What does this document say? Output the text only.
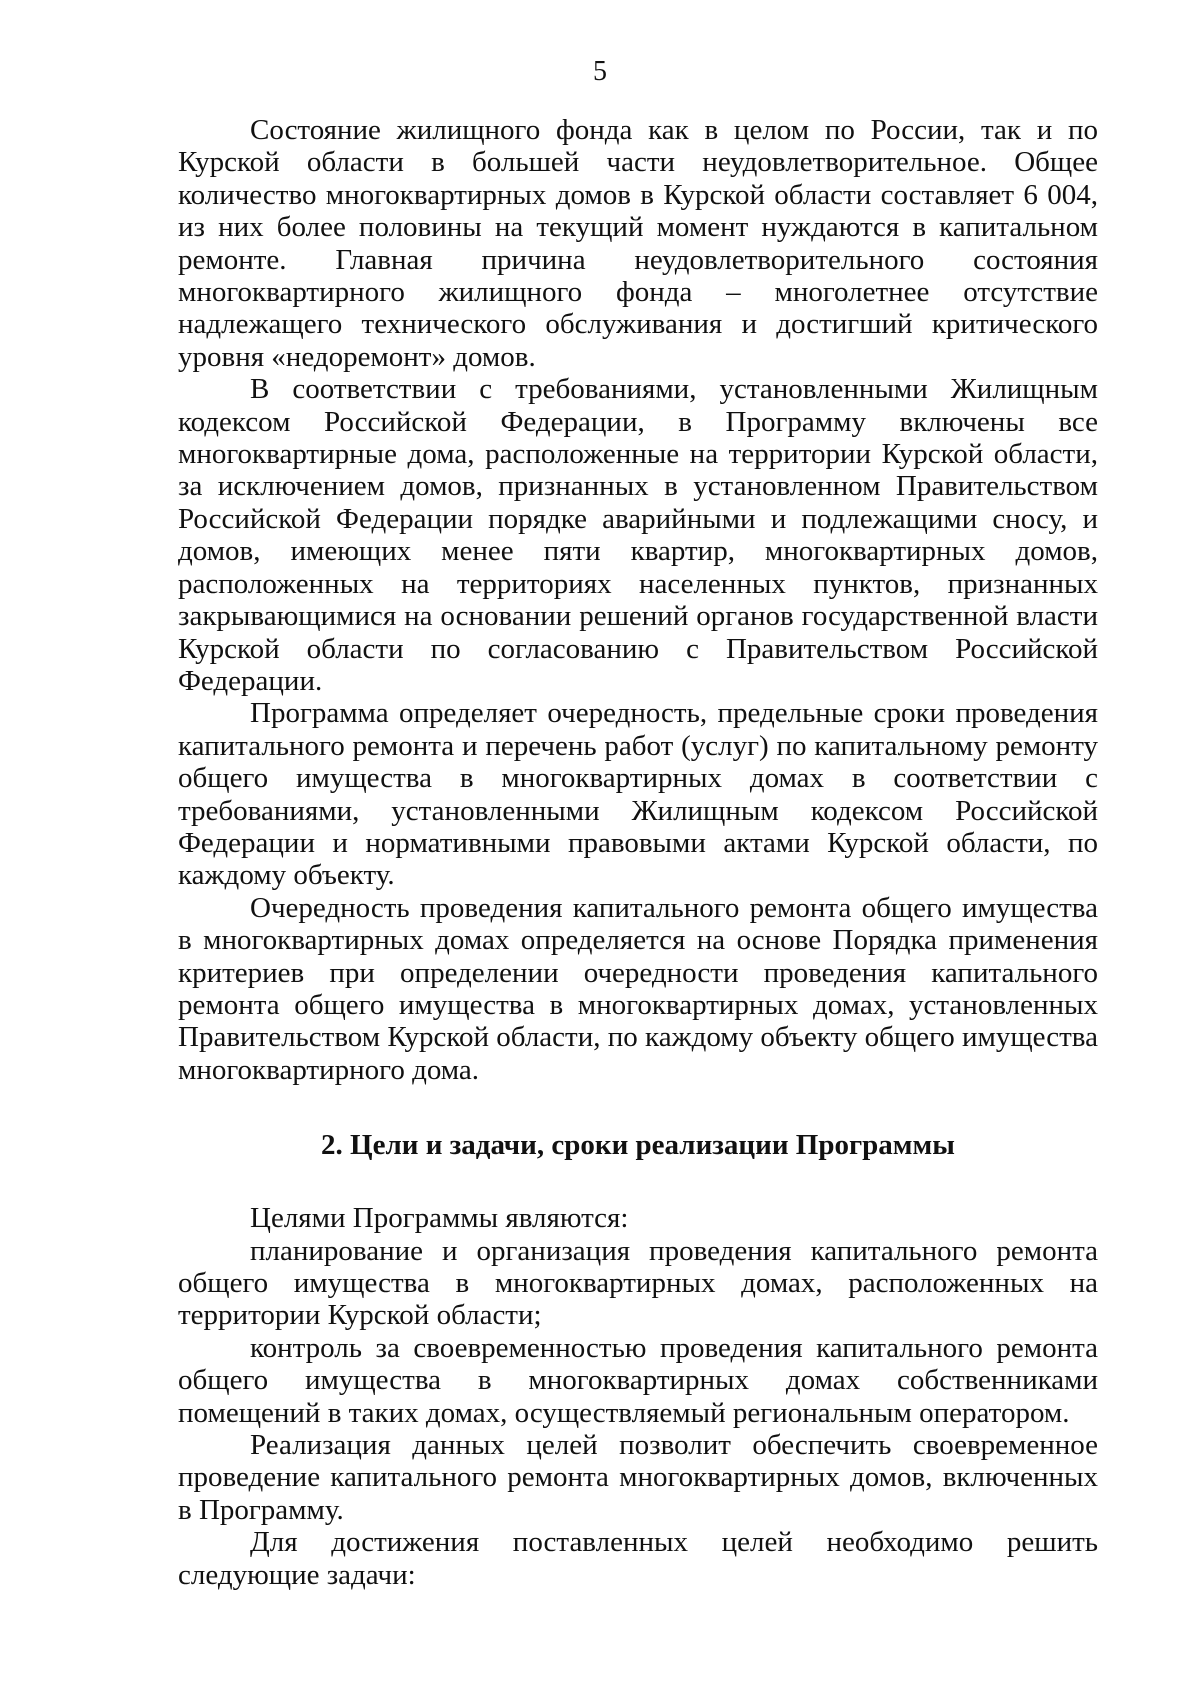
5

Состояние жилищного фонда как в целом по России, так и по Курской области в большей части неудовлетворительное. Общее количество многоквартирных домов в Курской области составляет 6 004, из них более половины на текущий момент нуждаются в капитальном ремонте. Главная причина неудовлетворительного состояния многоквартирного жилищного фонда – многолетнее отсутствие надлежащего технического обслуживания и достигший критического уровня «недоремонт» домов.

В соответствии с требованиями, установленными Жилищным кодексом Российской Федерации, в Программу включены все многоквартирные дома, расположенные на территории Курской области, за исключением домов, признанных в установленном Правительством Российской Федерации порядке аварийными и подлежащими сносу, и домов, имеющих менее пяти квартир, многоквартирных домов, расположенных на территориях населенных пунктов, признанных закрывающимися на основании решений органов государственной власти Курской области по согласованию с Правительством Российской Федерации.

Программа определяет очередность, предельные сроки проведения капитального ремонта и перечень работ (услуг) по капитальному ремонту общего имущества в многоквартирных домах в соответствии с требованиями, установленными Жилищным кодексом Российской Федерации и нормативными правовыми актами Курской области, по каждому объекту.

Очередность проведения капитального ремонта общего имущества в многоквартирных домах определяется на основе Порядка применения критериев при определении очередности проведения капитального ремонта общего имущества в многоквартирных домах, установленных Правительством Курской области, по каждому объекту общего имущества многоквартирного дома.

2. Цели и задачи, сроки реализации Программы

Целями Программы являются:

планирование и организация проведения капитального ремонта общего имущества в многоквартирных домах, расположенных на территории Курской области;

контроль за своевременностью проведения капитального ремонта общего имущества в многоквартирных домах собственниками помещений в таких домах, осуществляемый региональным оператором.

Реализация данных целей позволит обеспечить своевременное проведение капитального ремонта многоквартирных домов, включенных в Программу.

Для достижения поставленных целей необходимо решить следующие задачи:
